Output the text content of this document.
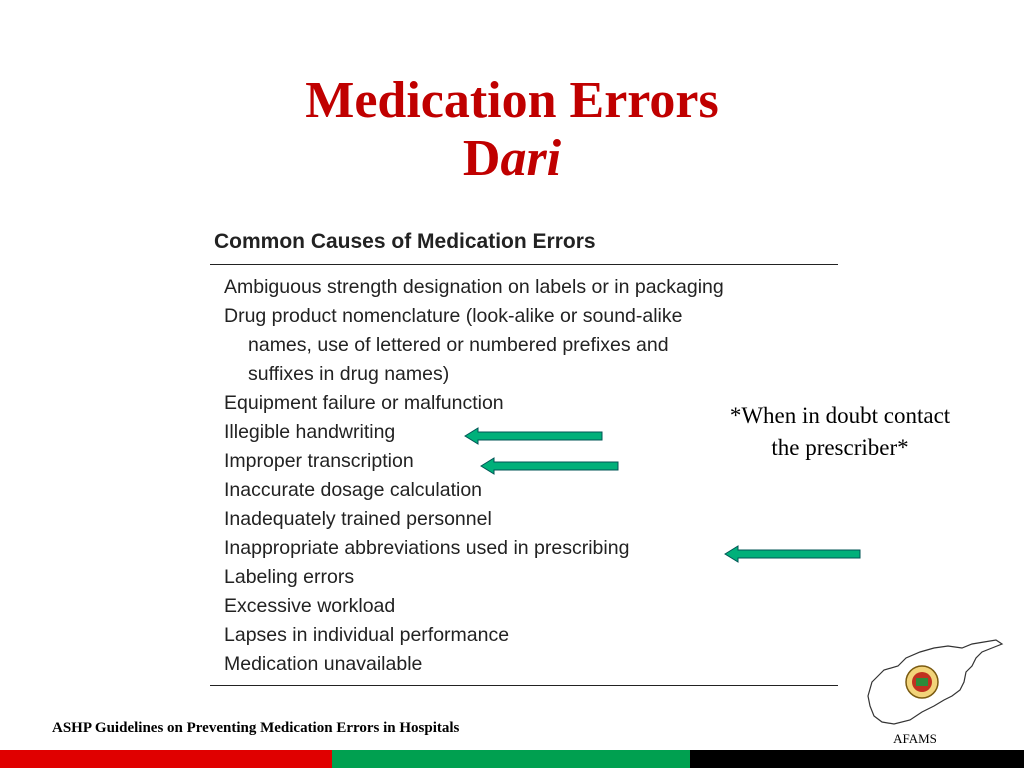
Medication Errors
Dari
Common Causes of Medication Errors
Ambiguous strength designation on labels or in packaging
Drug product nomenclature (look-alike or sound-alike
names, use of lettered or numbered prefixes and
suffixes in drug names)
Equipment failure or malfunction
Illegible handwriting
Improper transcription
Inaccurate dosage calculation
Inadequately trained personnel
Inappropriate abbreviations used in prescribing
Labeling errors
Excessive workload
Lapses in individual performance
Medication unavailable
*When in doubt contact
the prescriber*
AFAMS
ASHP Guidelines on Preventing Medication Errors in Hospitals
